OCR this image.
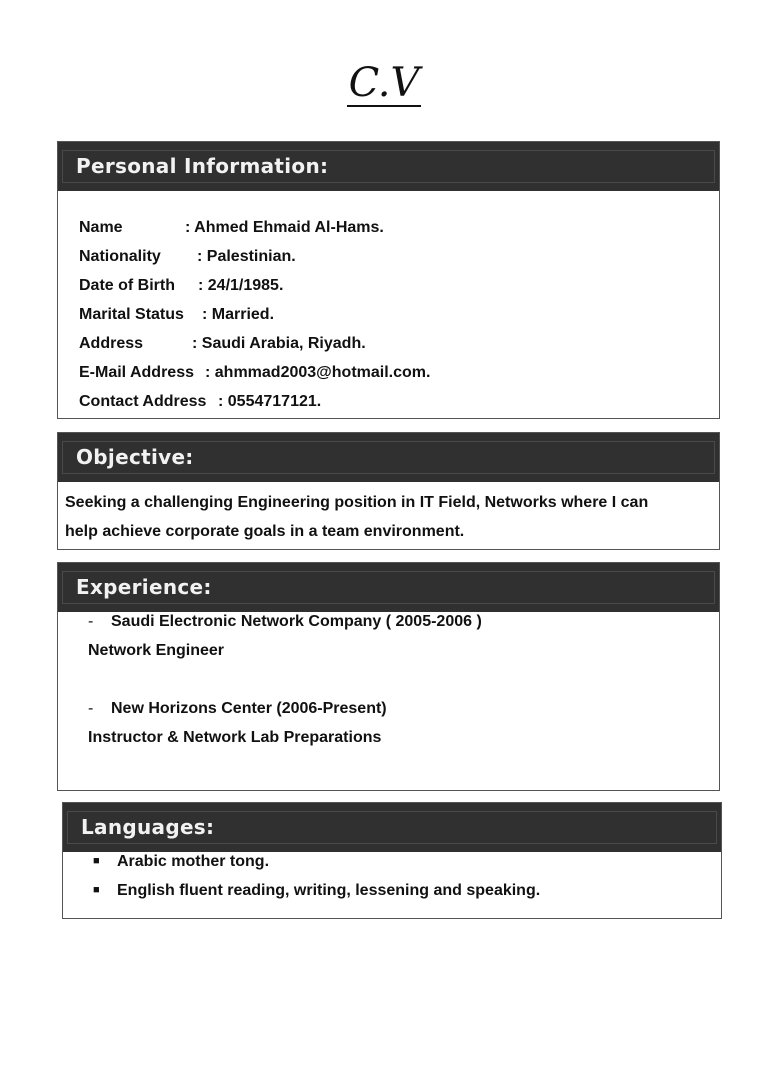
C.V
Personal Information:
Name	: Ahmed Ehmaid Al-Hams.
Nationality : Palestinian.
Date of Birth : 24/1/1985.
Marital Status : Married.
Address	: Saudi Arabia, Riyadh.
E-Mail Address : ahmmad2003@hotmail.com.
Contact Address : 0554717121.
Objective:
Seeking a challenging Engineering position in IT Field, Networks where I can
help achieve corporate goals in a team environment.
Experience:
- Saudi Electronic Network Company ( 2005-2006 )
Network Engineer
- New Horizons Center (2006-Present)
Instructor & Network Lab Preparations
Languages:
■ Arabic mother tong.
■ English fluent reading, writing, lessening and speaking.
